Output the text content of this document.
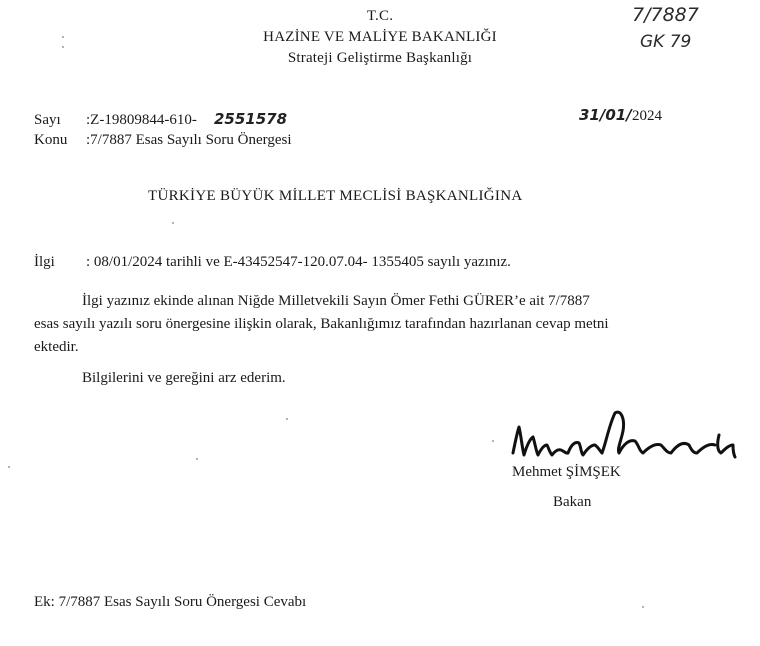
T.C.
HAZİNE VE MALİYE BAKANLIĞI
Strateji Geliştirme Başkanlığı
7/7887
GK 79
Sayı :Z-19809844-610- 2551578	31/01/ 2024
Konu :7/7887 Esas Sayılı Soru Önergesi
TÜRKİYE BÜYÜK MİLLET MECLİSİ BAŞKANLIĞINA
İlgi : 08/01/2024 tarihli ve E-43452547-120.07.04- 1355405 sayılı yazınız.
İlgi yazınız ekinde alınan Niğde Milletvekili Sayın Ömer Fethi GÜRER’e ait 7/7887
esas sayılı yazılı soru önergesine ilişkin olarak, Bakanlığımız tarafından hazırlanan cevap metni
ektedir.
Bilgilerini ve gereğini arz ederim.
Mehmet ŞİMŞEK
Bakan
Ek: 7/7887 Esas Sayılı Soru Önergesi Cevabı
